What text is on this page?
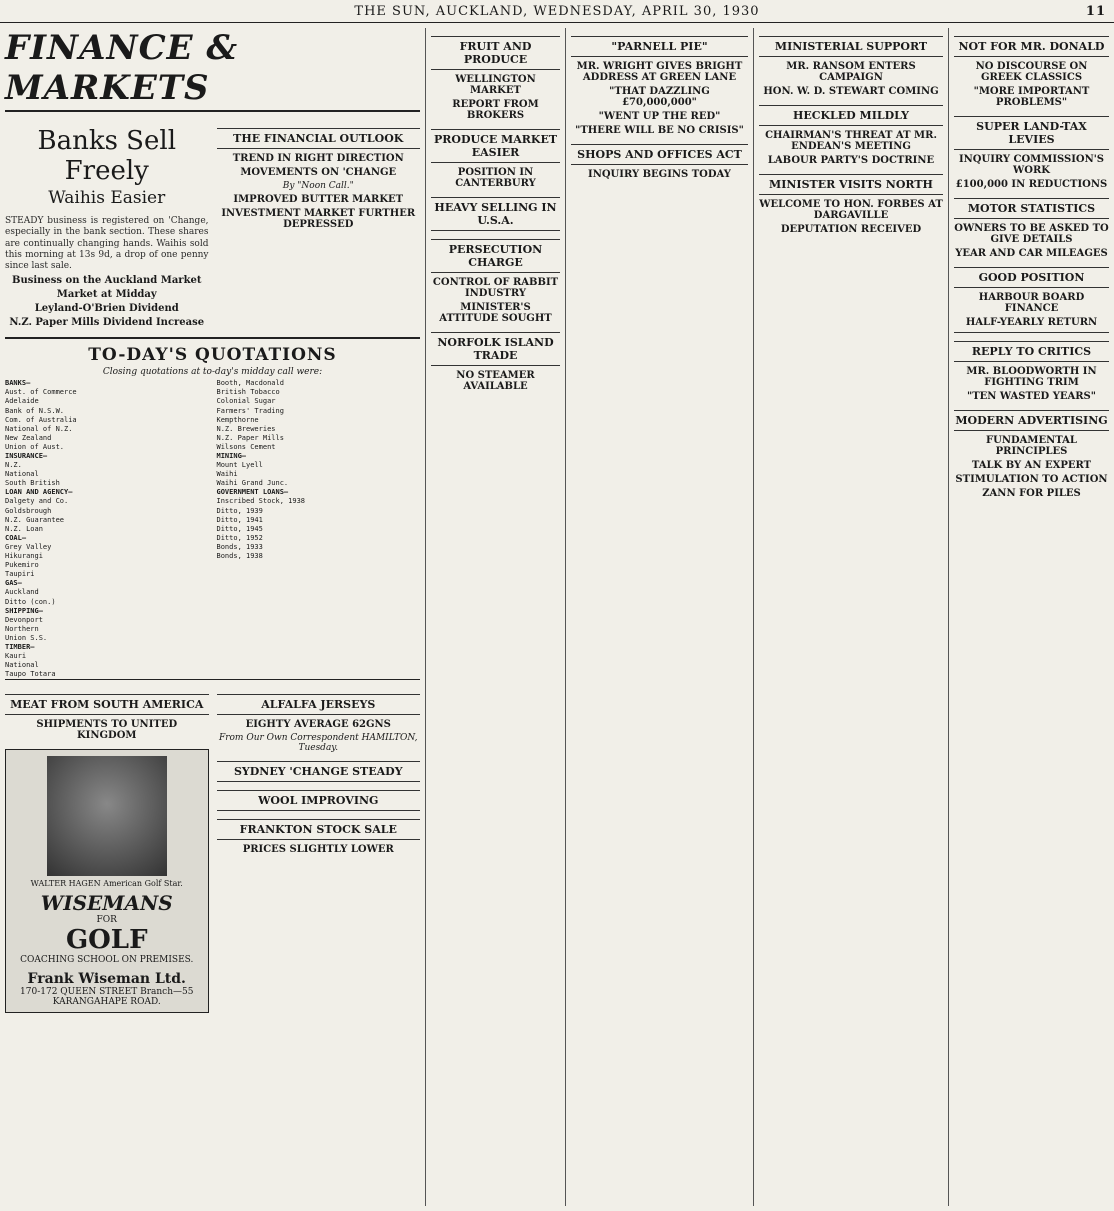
THE SUN, AUCKLAND, WEDNESDAY, APRIL 30, 1930	11
FINANCE & MARKETS
Banks Sell Freely
Waihis Easier
STEADY business is registered on 'Change, especially in the bank section. These shares are continually changing hands. Waihis sold this morning at 13s 9d, a drop of one penny since last sale.
Business on the Auckland Market
Market at Midday
Leyland-O'Brien Dividend
N.Z. Paper Mills Dividend Increase
THE FINANCIAL OUTLOOK
TREND IN RIGHT DIRECTION
MOVEMENTS ON 'CHANGE
By "Noon Call."
IMPROVED BUTTER MARKET
INVESTMENT MARKET FURTHER DEPRESSED
TO-DAY'S QUOTATIONS
Closing quotations at to-day's midday call were:
BANKS—
Aust. of Commerce
Adelaide
Bank of N.S.W.
Com. of Australia
National of N.Z.
New Zealand
Union of Aust.
INSURANCE—
N.Z.
National
South British
LOAN AND AGENCY—
Dalgety and Co.
Goldsbrough
N.Z. Guarantee
N.Z. Loan
COAL—
Grey Valley
Hikurangi
Pukemiro
Taupiri
GAS—
Auckland
Ditto (con.)
SHIPPING—
Devonport
Northern
Union S.S.
TIMBER—
Kauri
National
Taupo Totara
Booth, Macdonald
British Tobacco
Colonial Sugar
Farmers' Trading
Kempthorne
N.Z. Breweries
N.Z. Paper Mills
Wilsons Cement
MINING—
Mount Lyell
Waihi
Waihi Grand Junc.
GOVERNMENT LOANS—
Inscribed Stock, 1938
Ditto, 1939
Ditto, 1941
Ditto, 1945
Ditto, 1952
Bonds, 1933
Bonds, 1938
MEAT FROM SOUTH AMERICA
SHIPMENTS TO UNITED KINGDOM
WALTER HAGEN American Golf Star.
WISEMANS
FOR
GOLF
COACHING SCHOOL ON PREMISES.
Frank Wiseman Ltd.
170-172 QUEEN STREET Branch—55 KARANGAHAPE ROAD.
ALFALFA JERSEYS
EIGHTY AVERAGE 62GNS
From Our Own Correspondent HAMILTON, Tuesday.
SYDNEY 'CHANGE STEADY
WOOL IMPROVING
FRANKTON STOCK SALE
PRICES SLIGHTLY LOWER
FRUIT AND PRODUCE
WELLINGTON MARKET
REPORT FROM BROKERS
PRODUCE MARKET EASIER
POSITION IN CANTERBURY
HEAVY SELLING IN U.S.A.
PERSECUTION CHARGE
CONTROL OF RABBIT INDUSTRY
MINISTER'S ATTITUDE SOUGHT
NORFOLK ISLAND TRADE
NO STEAMER AVAILABLE
"PARNELL PIE"
MR. WRIGHT GIVES BRIGHT ADDRESS AT GREEN LANE
"THAT DAZZLING £70,000,000"
"WENT UP THE RED"
"THERE WILL BE NO CRISIS"
SHOPS AND OFFICES ACT
INQUIRY BEGINS TODAY
MINISTERIAL SUPPORT
MR. RANSOM ENTERS CAMPAIGN
HON. W. D. STEWART COMING
HECKLED MILDLY
CHAIRMAN'S THREAT AT MR. ENDEAN'S MEETING
LABOUR PARTY'S DOCTRINE
MINISTER VISITS NORTH
WELCOME TO HON. FORBES AT DARGAVILLE
DEPUTATION RECEIVED
NOT FOR MR. DONALD
NO DISCOURSE ON GREEK CLASSICS
"MORE IMPORTANT PROBLEMS"
SUPER LAND-TAX LEVIES
INQUIRY COMMISSION'S WORK
£100,000 IN REDUCTIONS
MOTOR STATISTICS
OWNERS TO BE ASKED TO GIVE DETAILS
YEAR AND CAR MILEAGES
GOOD POSITION
HARBOUR BOARD FINANCE
HALF-YEARLY RETURN
REPLY TO CRITICS
MR. BLOODWORTH IN FIGHTING TRIM
"TEN WASTED YEARS"
MODERN ADVERTISING
FUNDAMENTAL PRINCIPLES
TALK BY AN EXPERT
STIMULATION TO ACTION
ZANN FOR PILES
